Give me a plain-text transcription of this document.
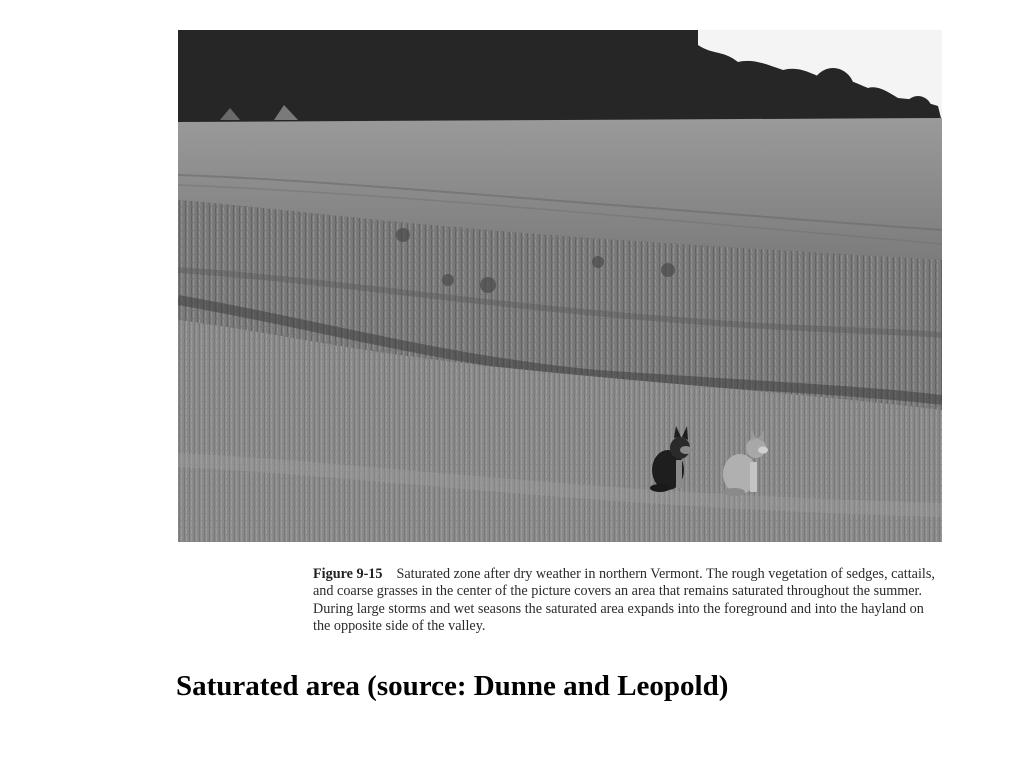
Figure 9-15 Saturated zone after dry weather in northern Vermont. The rough vegetation of sedges, cattails, and coarse grasses in the center of the picture covers an area that remains saturated throughout the summer. During large storms and wet seasons the saturated area expands into the foreground and into the hayland on the opposite side of the valley.
Saturated area (source: Dunne and Leopold)
